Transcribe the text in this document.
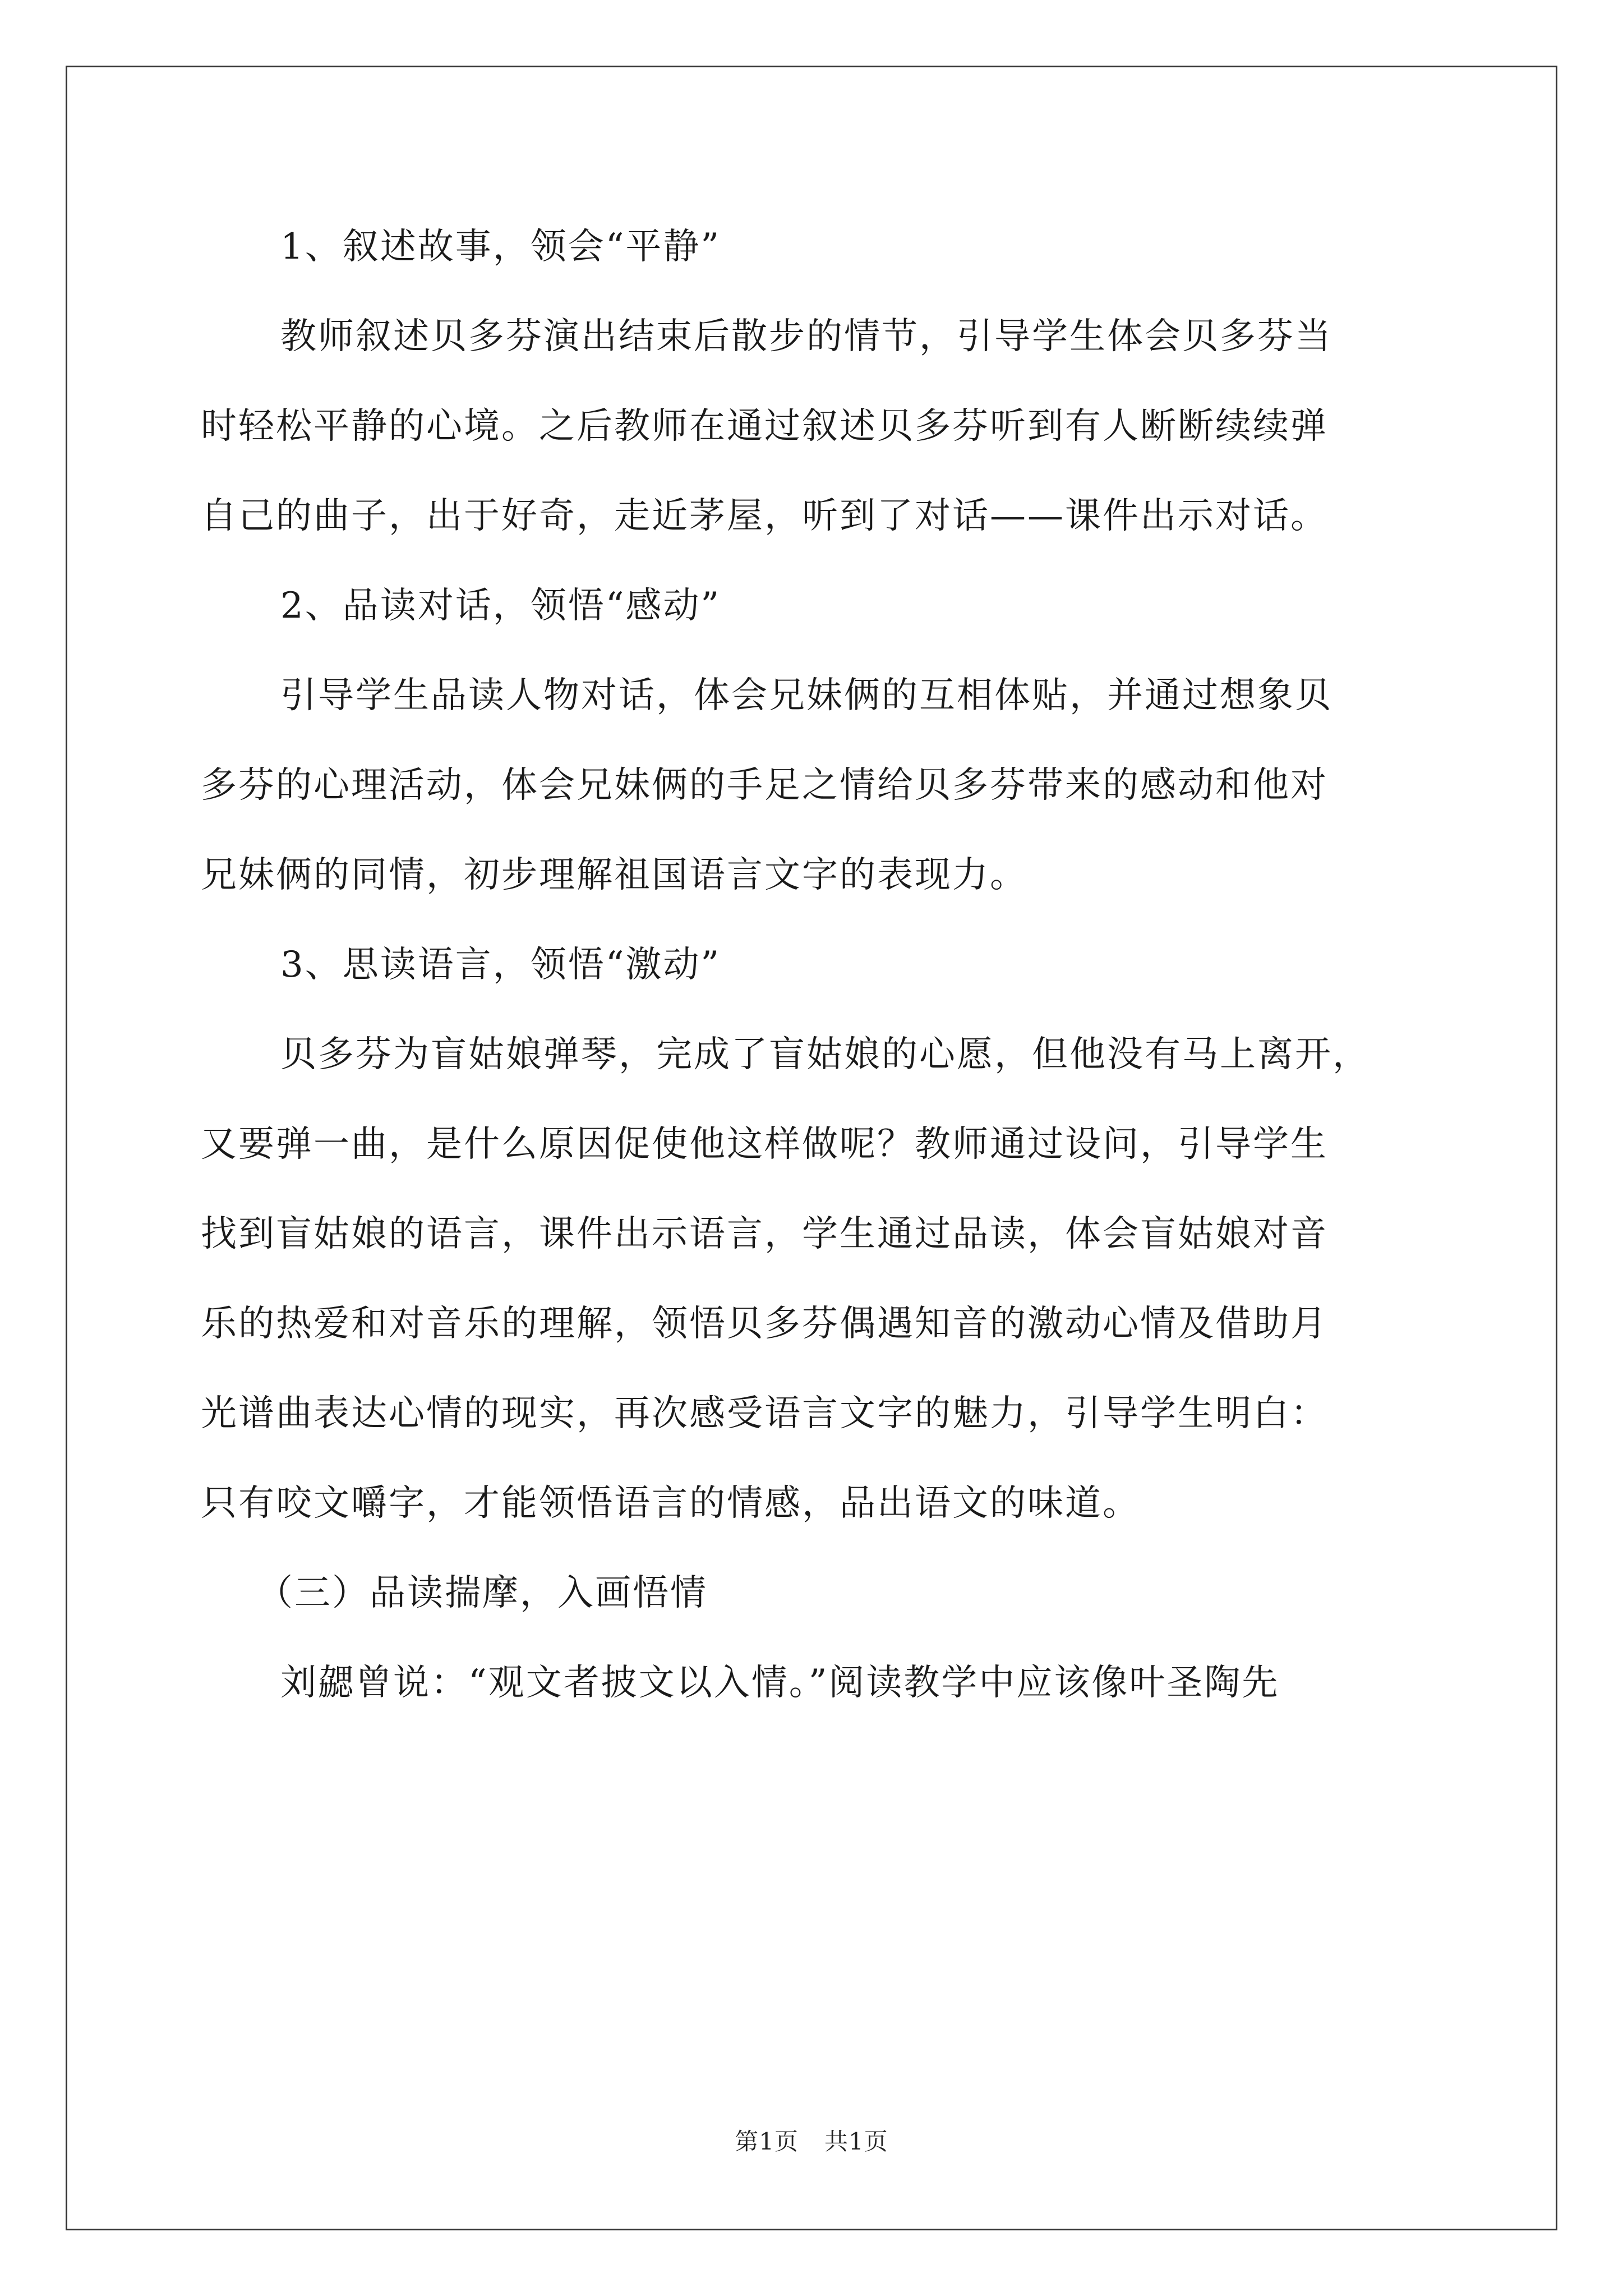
1、叙述故事，领会“平静”
教师叙述贝多芬演出结束后散步的情节，引导学生体会贝多芬当
时轻松平静的心境。之后教师在通过叙述贝多芬听到有人断断续续弹
自己的曲子，出于好奇，走近茅屋，听到了对话——课件出示对话。
2、品读对话，领悟“感动”
引导学生品读人物对话，体会兄妹俩的互相体贴，并通过想象贝
多芬的心理活动，体会兄妹俩的手足之情给贝多芬带来的感动和他对
兄妹俩的同情，初步理解祖国语言文字的表现力。
3、思读语言，领悟“激动”
贝多芬为盲姑娘弹琴，完成了盲姑娘的心愿，但他没有马上离开，
又要弹一曲，是什么原因促使他这样做呢？教师通过设问，引导学生
找到盲姑娘的语言，课件出示语言，学生通过品读，体会盲姑娘对音
乐的热爱和对音乐的理解，领悟贝多芬偶遇知音的激动心情及借助月
光谱曲表达心情的现实，再次感受语言文字的魅力，引导学生明白：
只有咬文嚼字，才能领悟语言的情感，品出语文的味道。
（三）品读揣摩，入画悟情
刘勰曾说：“观文者披文以入情。”阅读教学中应该像叶圣陶先
第1页 共1页
